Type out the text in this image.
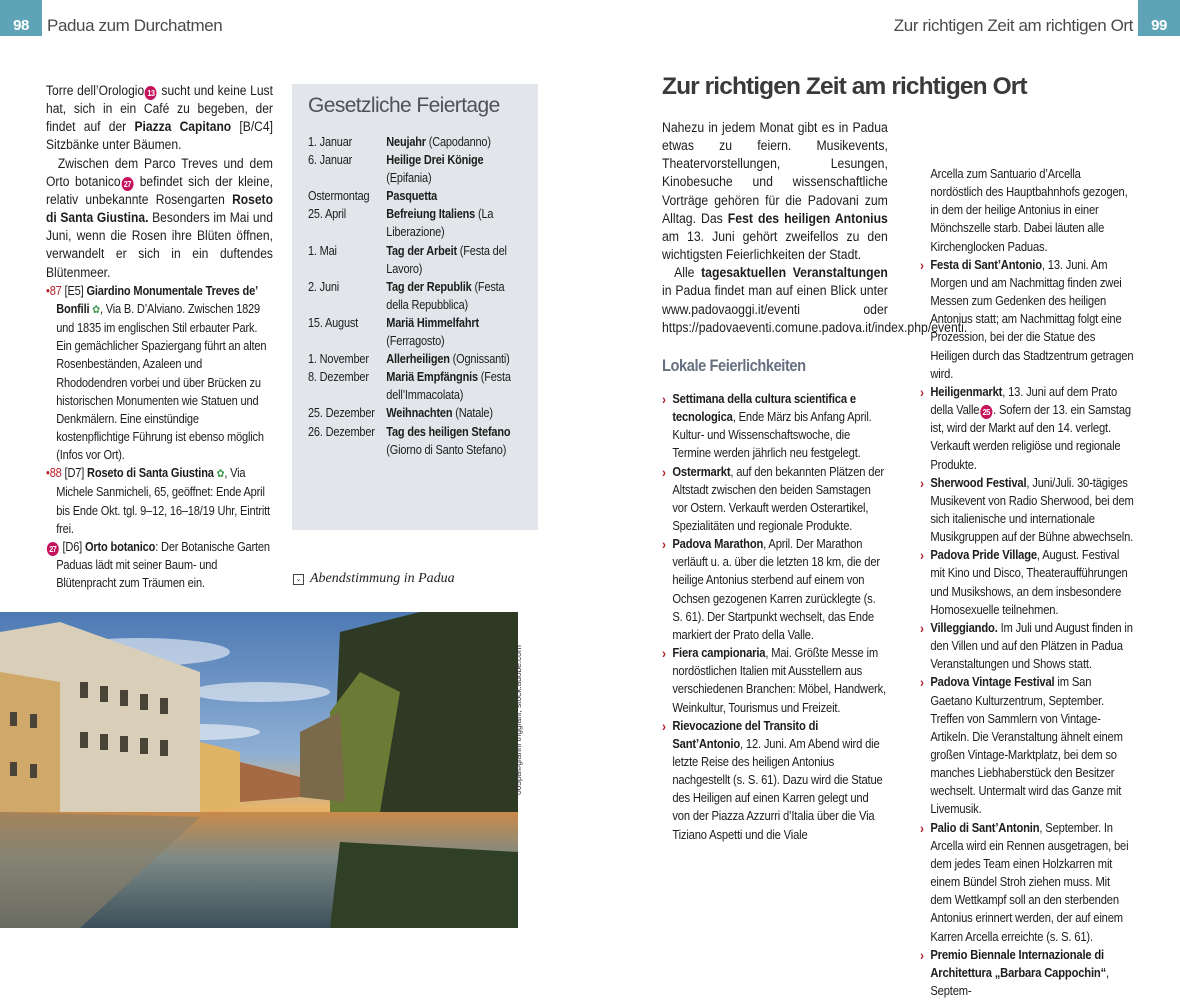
98 Padua zum Durchatmen	Zur richtigen Zeit am richtigen Ort 99

Torre dell’Orologio 13 sucht und keine Lust hat, sich in ein Café zu begeben, der findet auf der Piazza Capitano [B/C4] Sitzbänke unter Bäumen.

Zwischen dem Parco Treves und dem Orto botanico 27 befindet sich der kleine, relativ unbekannte Rosengarten Roseto di Santa Giustina. Besonders im Mai und Juni, wenn die Rosen ihre Blüten öffnen, verwandelt er sich in ein duftendes Blütenmeer.

•87 [E5] Giardino Monumentale Treves de’ Bonfili ✿, Via B. D’Alviano. Zwischen 1829 und 1835 im englischen Stil erbauter Park. Ein gemächlicher Spaziergang führt an alten Rosenbeständen, Azaleen und Rhododendren vorbei und über Brücken zu historischen Monumenten wie Statuen und Denkmälern. Eine einstündige kostenpflichtige Führung ist ebenso möglich (Infos vor Ort).

•88 [D7] Roseto di Santa Giustina ✿, Via Michele Sanmicheli, 65, geöffnet: Ende April bis Ende Okt. tgl. 9–12, 16–18/19 Uhr, Eintritt frei.

27 [D6] Orto botanico: Der Botanische Garten Paduas lädt mit seiner Baum- und Blütenpracht zum Träumen ein.

Gesetzliche Feiertage
1. Januar	Neujahr (Capodanno)
6. Januar	Heilige Drei Könige (Epifania)
Ostermontag	Pasquetta
25. April	Befreiung Italiens (La Liberazione)
1. Mai	Tag der Arbeit (Festa del Lavoro)
2. Juni	Tag der Republik (Festa della Repubblica)
15. August	Mariä Himmelfahrt (Ferragosto)
1. November	Allerheiligen (Ognissanti)
8. Dezember	Mariä Empfängnis (Festa dell’Immacolata)
25. Dezember Weihnachten (Natale)
26. Dezember Tag des heiligen Stefano (Giorno di Santo Stefano)
⌄ Abendstimmung in Padua
065pa©gianni triggiani, stock.adobe.com
Zur richtigen Zeit am richtigen Ort

Nahezu in jedem Monat gibt es in Padua etwas zu feiern. Musikevents, Theatervorstellungen, Lesungen, Kinobesuche und wissenschaftliche Vorträge gehören für die Padovani zum Alltag. Das Fest des heiligen Antonius am 13. Juni gehört zweifellos zu den wichtigsten Feierlichkeiten der Stadt.

Alle tagesaktuellen Veranstaltungen in Padua findet man auf einen Blick unter www.padovaoggi.it/eventi oder https://padovaeventi.comune.padova.it/index.php/eventi.

Lokale Feierlichkeiten
› Settimana della cultura scientifica e tecnologica, Ende März bis Anfang April. Kultur- und Wissenschaftswoche, die Termine werden jährlich neu festgelegt.
› Ostermarkt, auf den bekannten Plätzen der Altstadt zwischen den beiden Samstagen vor Ostern. Verkauft werden Osterartikel, Spezialitäten und regionale Produkte.
› Padova Marathon, April. Der Marathon verläuft u. a. über die letzten 18 km, die der heilige Antonius sterbend auf einem von Ochsen gezogenen Karren zurücklegte (s. S. 61). Der Startpunkt wechselt, das Ende markiert der Prato della Valle.
› Fiera campionaria, Mai. Größte Messe im nordöstlichen Italien mit Ausstellern aus verschiedenen Branchen: Möbel, Handwerk, Weinkultur, Tourismus und Freizeit.
› Rievocazione del Transito di Sant’Antonio, 12. Juni. Am Abend wird die letzte Reise des heiligen Antonius nachgestellt (s. S. 61). Dazu wird die Statue des Heiligen auf einen Karren gelegt und von der Piazza Azzurri d’Italia über die Via Tiziano Aspetti und die Viale

Arcella zum Santuario d’Arcella nordöstlich des Hauptbahnhofs gezogen, in dem der heilige Antonius in einer Mönchszelle starb. Dabei läuten alle Kirchenglocken Paduas.

› Festa di Sant’Antonio, 13. Juni. Am Morgen und am Nachmittag finden zwei Messen zum Gedenken des heiligen Antonius statt; am Nachmittag folgt eine Prozession, bei der die Statue des Heiligen durch das Stadtzentrum getragen wird.
› Heiligenmarkt, 13. Juni auf dem Prato della Valle 25 . Sofern der 13. ein Samstag ist, wird der Markt auf den 14. verlegt. Verkauft werden religiöse und regionale Produkte.
› Sherwood Festival, Juni/Juli. 30-tägiges Musikevent von Radio Sherwood, bei dem sich italienische und internationale Musikgruppen auf der Bühne abwechseln.
› Padova Pride Village, August. Festival mit Kino und Disco, Theateraufführungen und Musikshows, an dem insbesondere Homosexuelle teilnehmen.
› Villeggiando. Im Juli und August finden in den Villen und auf den Plätzen in Padua Veranstaltungen und Shows statt.
› Padova Vintage Festival im San Gaetano Kulturzentrum, September. Treffen von Sammlern von Vintage-Artikeln. Die Veranstaltung ähnelt einem großen Vintage-Marktplatz, bei dem so manches Liebhaberstück den Besitzer wechselt. Untermalt wird das Ganze mit Livemusik.
› Palio di Sant’Antonin, September. In Arcella wird ein Rennen ausgetragen, bei dem jedes Team einen Holzkarren mit einem Bündel Stroh ziehen muss. Mit dem Wettkampf soll an den sterbenden Antonius erinnert werden, der auf einem Karren Arcella erreichte (s. S. 61).
› Premio Biennale Internazionale di Architettura „Barbara Cappochin“, Septem-
